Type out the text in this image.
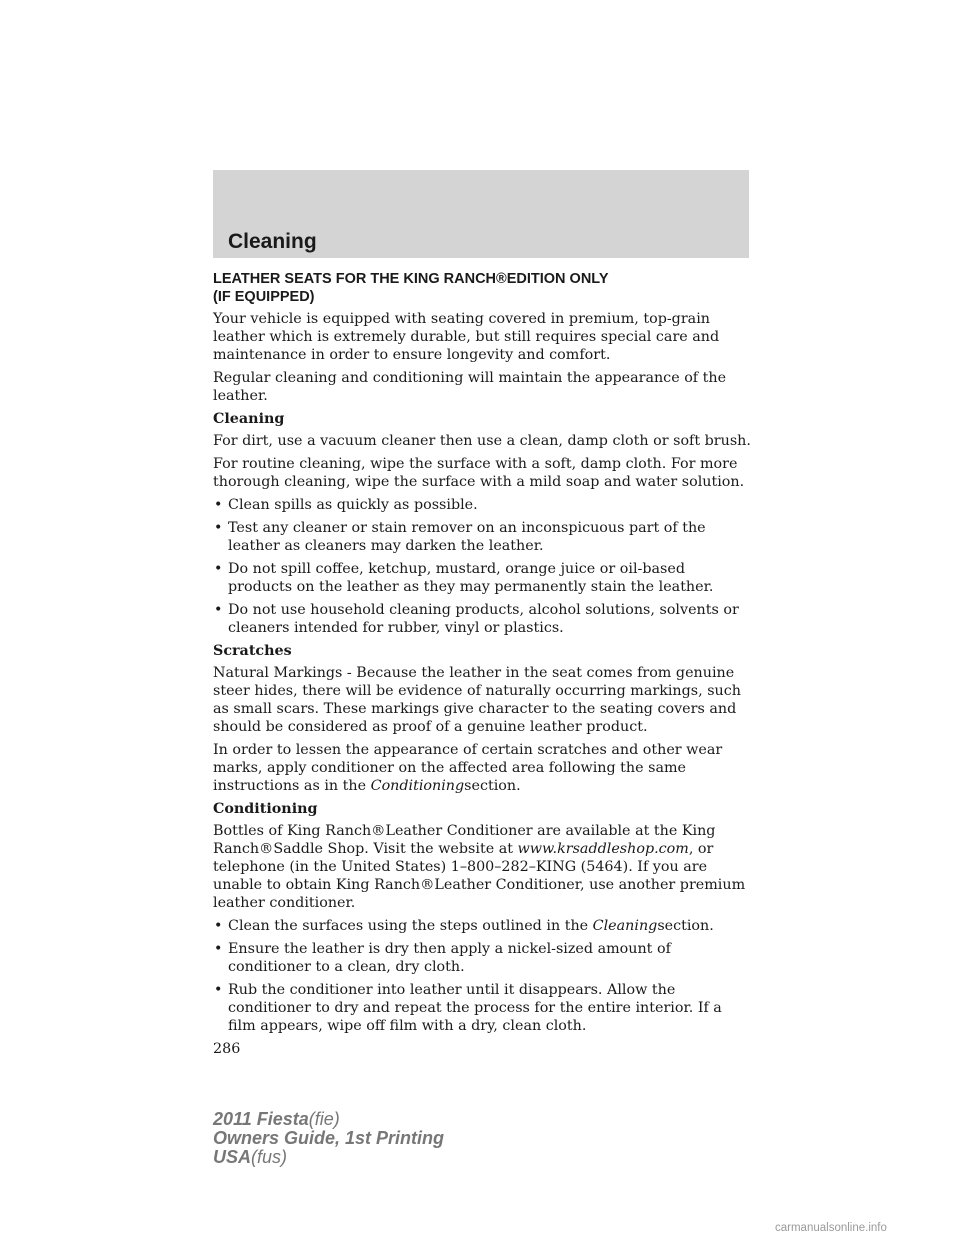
Cleaning
LEATHER SEATS FOR THE KING RANCH®EDITION ONLY
(IF EQUIPPED)

Your vehicle is equipped with seating covered in premium, top-grain leather which is extremely durable, but still requires special care and maintenance in order to ensure longevity and comfort.

Regular cleaning and conditioning will maintain the appearance of the leather.

Cleaning

For dirt, use a vacuum cleaner then use a clean, damp cloth or soft brush.

For routine cleaning, wipe the surface with a soft, damp cloth. For more thorough cleaning, wipe the surface with a mild soap and water solution.

• Clean spills as quickly as possible.
• Test any cleaner or stain remover on an inconspicuous part of the leather as cleaners may darken the leather.
• Do not spill coffee, ketchup, mustard, orange juice or oil-based products on the leather as they may permanently stain the leather.
• Do not use household cleaning products, alcohol solutions, solvents or cleaners intended for rubber, vinyl or plastics.
Scratches

Natural Markings - Because the leather in the seat comes from genuine steer hides, there will be evidence of naturally occurring markings, such as small scars. These markings give character to the seating covers and should be considered as proof of a genuine leather product.

In order to lessen the appearance of certain scratches and other wear marks, apply conditioner on the affected area following the same instructions as in the Conditioningsection.

Conditioning

Bottles of King Ranch®Leather Conditioner are available at the King Ranch®Saddle Shop. Visit the website at www.krsaddleshop.com, or telephone (in the United States) 1–800–282–KING (5464). If you are unable to obtain King Ranch®Leather Conditioner, use another premium leather conditioner.

• Clean the surfaces using the steps outlined in the Cleaningsection.
• Ensure the leather is dry then apply a nickel-sized amount of conditioner to a clean, dry cloth.
• Rub the conditioner into leather until it disappears. Allow the conditioner to dry and repeat the process for the entire interior. If a film appears, wipe off film with a dry, clean cloth.
286
2011 Fiesta(fie)
Owners Guide, 1st Printing
USA(fus)
carmanualsonline.info
